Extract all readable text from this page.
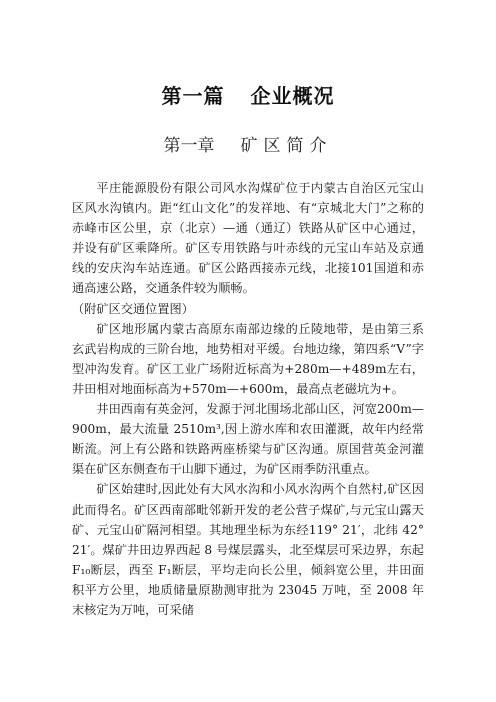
第一篇 企业概况
第一章 矿区简介

平庄能源股份有限公司风水沟煤矿位于内蒙古自治区元宝山区风水沟镇内。距“红山文化”的发祥地、有“京城北大门”之称的赤峰市区公里，京（北京）—通（通辽）铁路从矿区中心通过，并设有矿区乘降所。矿区专用铁路与叶赤线的元宝山车站及京通线的安庆沟车站连通。矿区公路西接赤元线，北接101国道和赤通高速公路，交通条件较为顺畅。

（附矿区交通位置图）

矿区地形属内蒙古高原东南部边缘的丘陵地带，是由第三系玄武岩构成的三阶台地，地势相对平缓。台地边缘，第四系“V”字型冲沟发育。矿区工业广场附近标高为+280m—+489m左右，井田相对地面标高为+570m—+600m，最高点老磁坑为+。

井田西南有英金河，发源于河北围场北部山区，河宽200m—900m，最大流量 2510m³,因上游水库和农田灌溉，故年内经常断流。河上有公路和铁路两座桥梁与矿区沟通。原国营英金河灌渠在矿区东侧查布干山脚下通过，为矿区雨季防汛重点。

矿区始建时,因此处有大风水沟和小风水沟两个自然村,矿区因此而得名。矿区西南部毗邻新开发的老公营子煤矿,与元宝山露天矿、元宝山矿隔河相望。其地理坐标为东经119° 21′，北纬 42° 21′。煤矿井田边界西起 8 号煤层露头，北至煤层可采边界，东起 F₁₀断层，西至 F₁断层，平均走向长公里，倾斜宽公里，井田面积平方公里，地质储量原勘测审批为 23045 万吨，至 2008 年末核定为万吨，可采储
